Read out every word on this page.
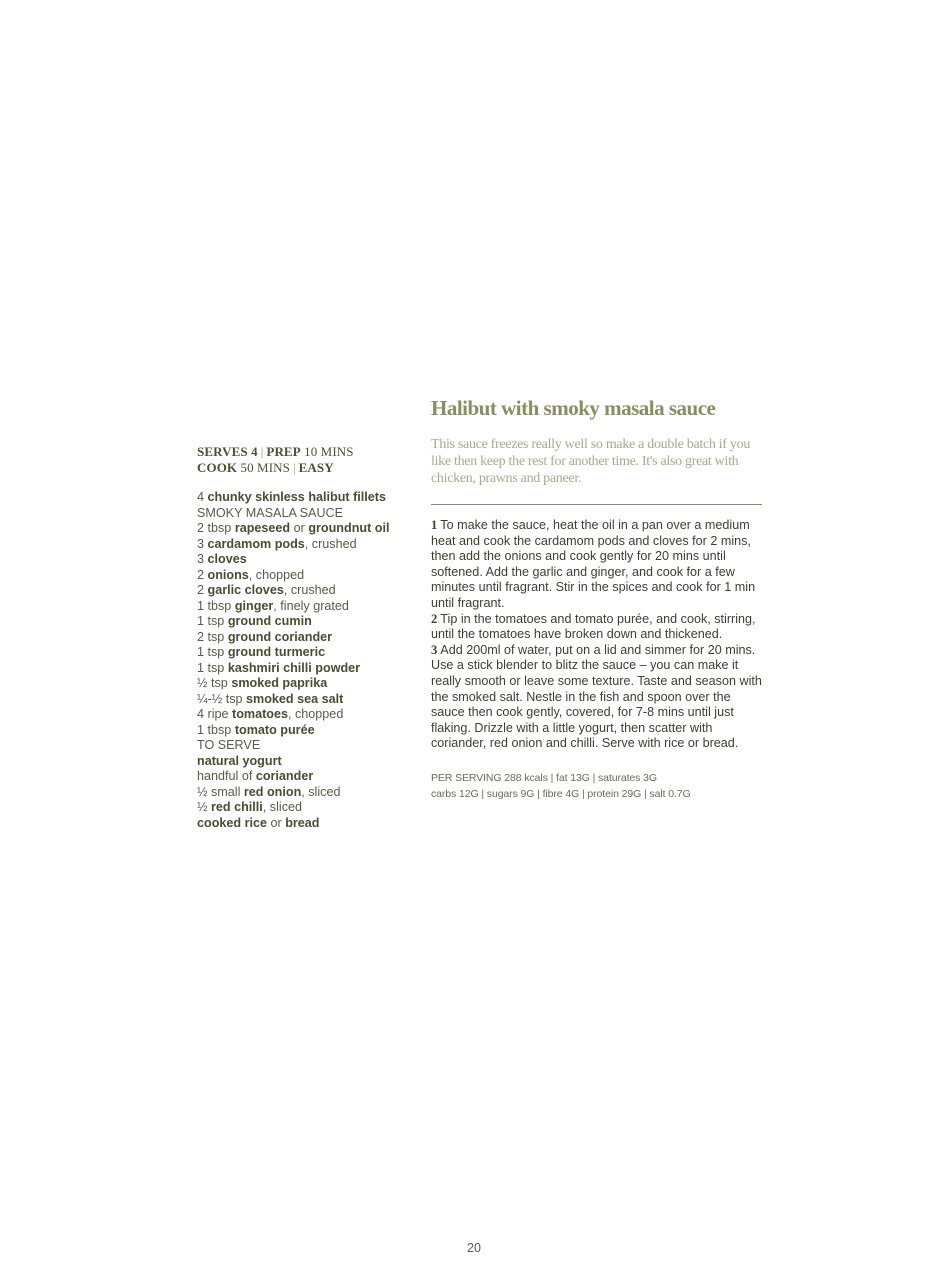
SERVES 4 | PREP 10 MINS
COOK 50 MINS | EASY
4 chunky skinless halibut fillets
SMOKY MASALA SAUCE
2 tbsp rapeseed or groundnut oil
3 cardamom pods, crushed
3 cloves
2 onions, chopped
2 garlic cloves, crushed
1 tbsp ginger, finely grated
1 tsp ground cumin
2 tsp ground coriander
1 tsp ground turmeric
1 tsp kashmiri chilli powder
½ tsp smoked paprika
¼-½ tsp smoked sea salt
4 ripe tomatoes, chopped
1 tbsp tomato purée
TO SERVE
natural yogurt
handful of coriander
½ small red onion, sliced
½ red chilli, sliced
cooked rice or bread
Halibut with smoky masala sauce
This sauce freezes really well so make a double batch if you like then keep the rest for another time. It's also great with chicken, prawns and paneer.
1 To make the sauce, heat the oil in a pan over a medium heat and cook the cardamom pods and cloves for 2 mins, then add the onions and cook gently for 20 mins until softened. Add the garlic and ginger, and cook for a few minutes until fragrant. Stir in the spices and cook for 1 min until fragrant.
2 Tip in the tomatoes and tomato purée, and cook, stirring, until the tomatoes have broken down and thickened.
3 Add 200ml of water, put on a lid and simmer for 20 mins. Use a stick blender to blitz the sauce – you can make it really smooth or leave some texture. Taste and season with the smoked salt. Nestle in the fish and spoon over the sauce then cook gently, covered, for 7-8 mins until just flaking. Drizzle with a little yogurt, then scatter with coriander, red onion and chilli. Serve with rice or bread.
PER SERVING 288 kcals | fat 13G | saturates 3G
carbs 12G | sugars 9G | fibre 4G | protein 29G | salt 0.7G
20
